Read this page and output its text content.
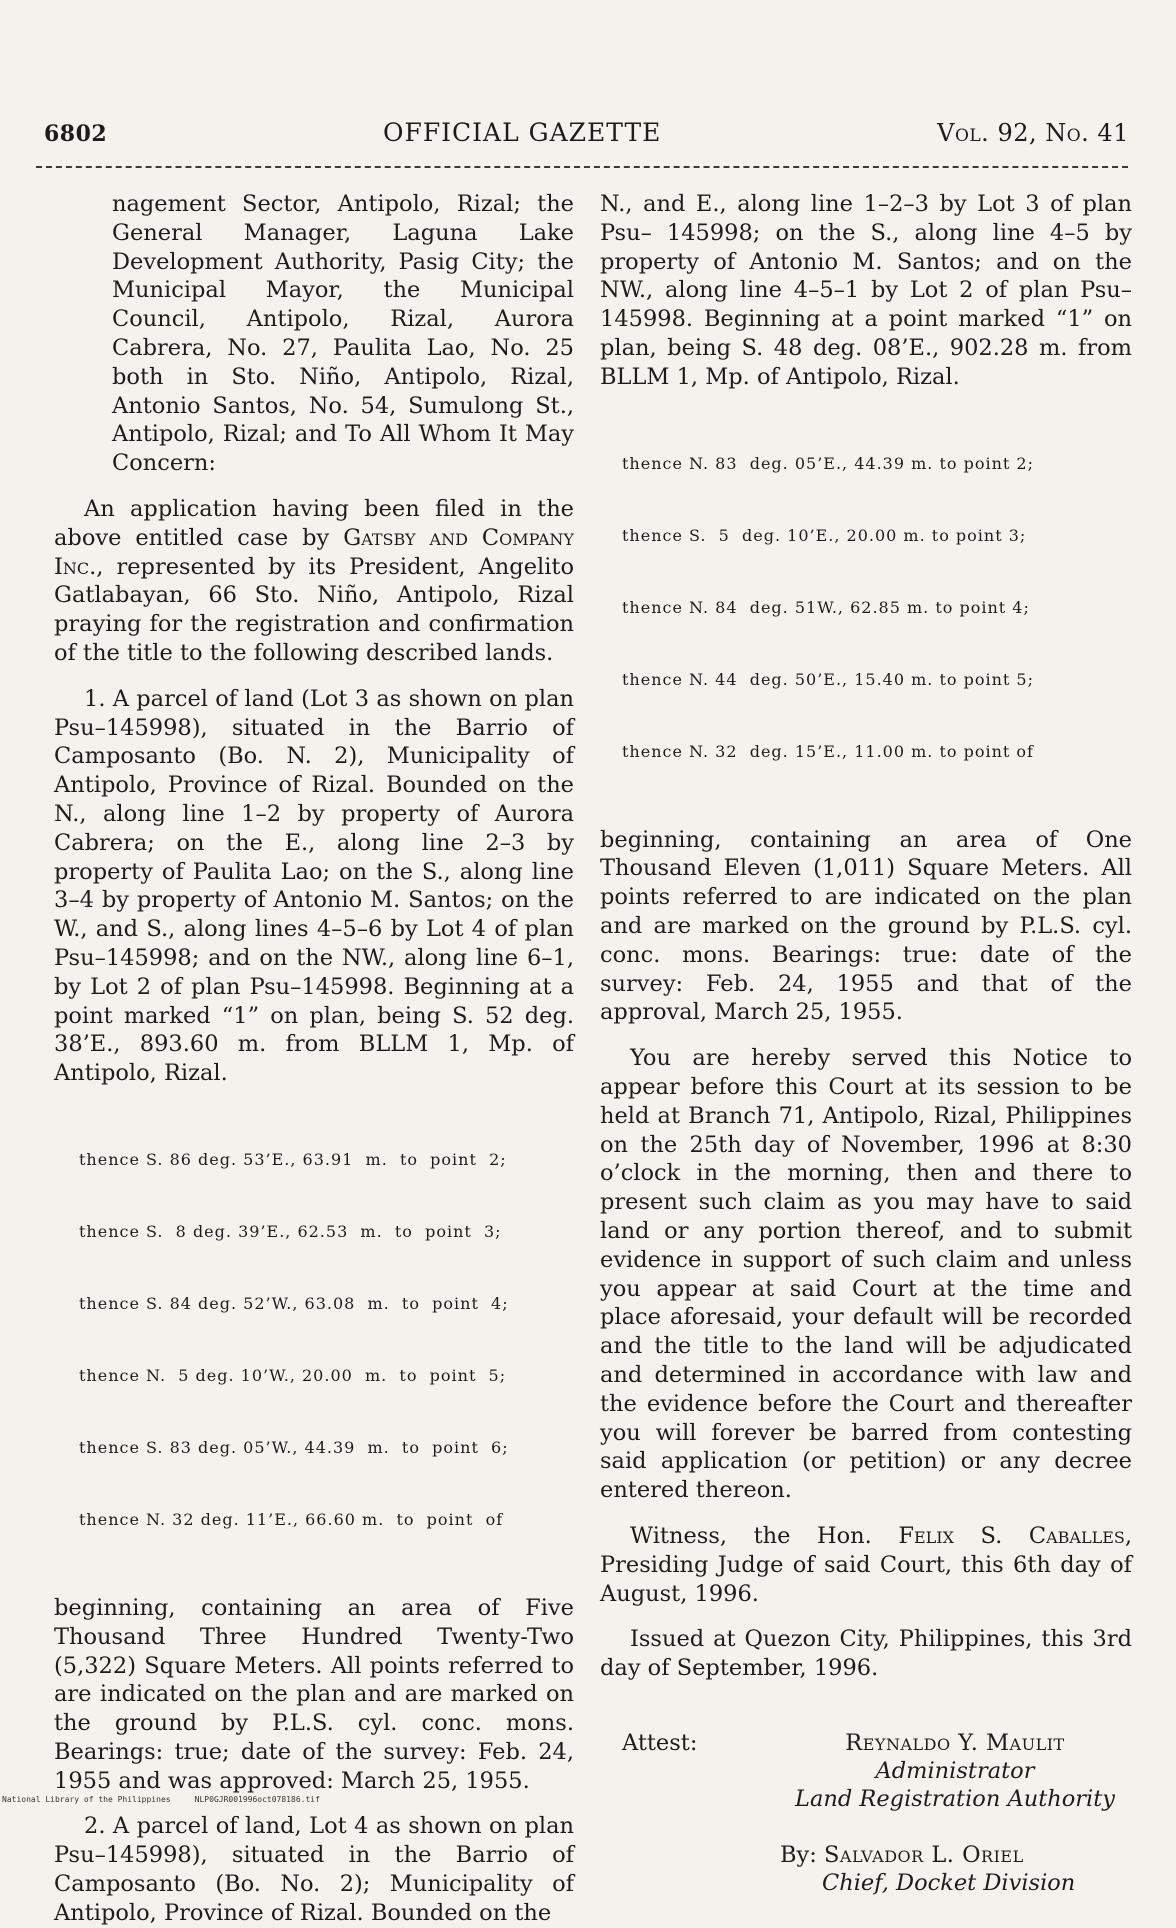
6802	OFFICIAL GAZETTE	Vol. 92, No. 41

nagement Sector, Antipolo, Rizal; the General Manager, Laguna Lake Development Authority, Pasig City; the Municipal Mayor, the Municipal Council, Antipolo, Rizal, Aurora Cabrera, No. 27, Paulita Lao, No. 25 both in Sto. Niño, Antipolo, Rizal, Antonio Santos, No. 54, Sumulong St., Antipolo, Rizal; and To All Whom It May Concern:

An application having been filed in the above entitled case by Gatsby and Company Inc., represented by its President, Angelito Gatlabayan, 66 Sto. Niño, Antipolo, Rizal praying for the registration and confirmation of the title to the following described lands.

1. A parcel of land (Lot 3 as shown on plan Psu–145998), situated in the Barrio of Camposanto (Bo. N. 2), Municipality of Antipolo, Province of Rizal. Bounded on the N., along line 1–2 by property of Aurora Cabrera; on the E., along line 2–3 by property of Paulita Lao; on the S., along line 3–4 by property of Antonio M. Santos; on the W., and S., along lines 4–5–6 by Lot 4 of plan Psu–145998; and on the NW., along line 6–1, by Lot 2 of plan Psu–145998. Beginning at a point marked “1” on plan, being S. 52 deg. 38’E., 893.60 m. from BLLM 1, Mp. of Antipolo, Rizal.

thence S. 86 deg. 53’E., 63.91  m.  to  point  2;

thence S.  8 deg. 39’E., 62.53  m.  to  point  3;

thence S. 84 deg. 52’W., 63.08  m.  to  point  4;

thence N.  5 deg. 10’W., 20.00  m.  to  point  5;

thence S. 83 deg. 05’W., 44.39  m.  to  point  6;

thence N. 32 deg. 11’E., 66.60 m.  to  point  of

beginning, containing an area of Five Thousand Three Hundred Twenty-Two (5,322) Square Meters. All points referred to are indicated on the plan and are marked on the ground by P.L.S. cyl. conc. mons. Bearings: true; date of the survey: Feb. 24, 1955 and was approved: March 25, 1955.

2. A parcel of land, Lot 4 as shown on plan Psu–145998), situated in the Barrio of Camposanto (Bo. No. 2); Municipality of Antipolo, Province of Rizal. Bounded on the

N., and E., along line 1–2–3 by Lot 3 of plan Psu– 145998; on the S., along line 4–5 by property of Antonio M. Santos; and on the NW., along line 4–5–1 by Lot 2 of plan Psu–145998. Beginning at a point marked “1” on plan, being S. 48 deg. 08’E., 902.28 m. from BLLM 1, Mp. of Antipolo, Rizal.

thence N. 83  deg. 05’E., 44.39 m. to point 2;

thence S.  5  deg. 10’E., 20.00 m. to point 3;

thence N. 84  deg. 51W., 62.85 m. to point 4;

thence N. 44  deg. 50’E., 15.40 m. to point 5;

thence N. 32  deg. 15’E., 11.00 m. to point of

beginning, containing an area of One Thousand Eleven (1,011) Square Meters. All points referred to are indicated on the plan and are marked on the ground by P.L.S. cyl. conc. mons. Bearings: true: date of the survey: Feb. 24, 1955 and that of the approval, March 25, 1955.

You are hereby served this Notice to appear before this Court at its session to be held at Branch 71, Antipolo, Rizal, Philippines on the 25th day of November, 1996 at 8:30 o’clock in the morning, then and there to present such claim as you may have to said land or any portion thereof, and to submit evidence in support of such claim and unless you appear at said Court at the time and place aforesaid, your default will be recorded and the title to the land will be adjudicated and determined in accordance with law and the evidence before the Court and thereafter you will forever be barred from contesting said application (or petition) or any decree entered thereon.

Witness, the Hon. Felix S. Caballes, Presiding Judge of said Court, this 6th day of August, 1996.

Issued at Quezon City, Philippines, this 3rd day of September, 1996.

Attest:	Reynaldo Y. Maulit
Administrator
Land Registration Authority
By: Salvador L. Oriel
Chief, Docket Division
National Library of the Philippines	NLP0GJR001996oct078186.tif
